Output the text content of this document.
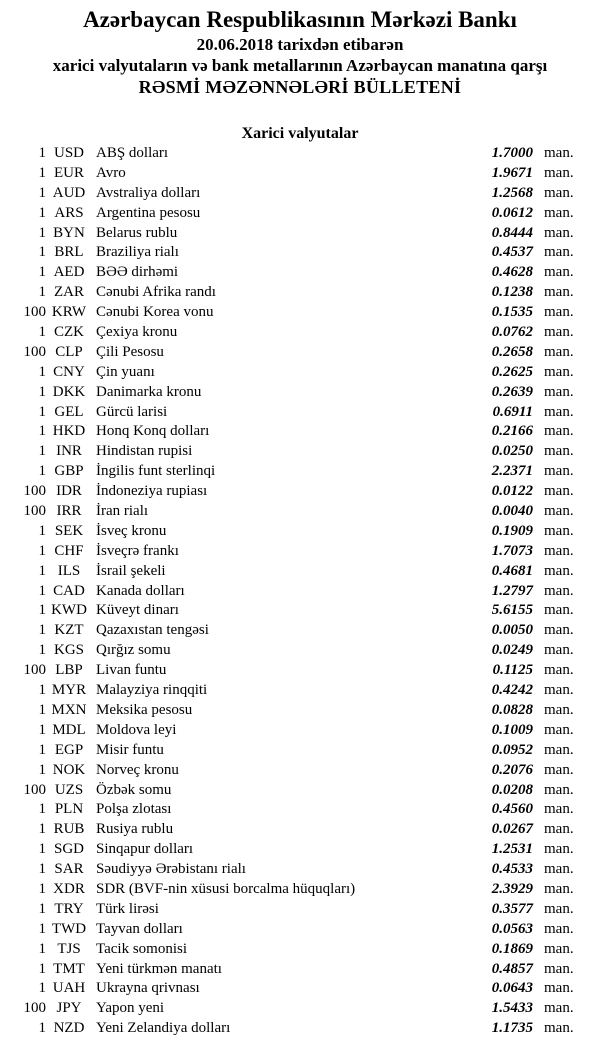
Azərbaycan Respublikasının Mərkəzi Bankı
20.06.2018 tarixdən etibarən
xarici valyutaların və bank metallarının Azərbaycan manatına qarşı
RƏSMİ MƏZƏNNƏLƏRİ BÜLLETENİ
Xarici valyutalar
1 USD ABŞ dolları	1.7000 man.
1 EUR Avro	1.9671 man.
1 AUD Avstraliya dolları	1.2568 man.
1 ARS Argentina pesosu	0.0612 man.
1 BYN Belarus rublu	0.8444 man.
1 BRL Braziliya rialı	0.4537 man.
1 AED BƏƏ dirhəmi	0.4628 man.
1 ZAR Cənubi Afrika randı	0.1238 man.
100 KRW Cənubi Korea vonu	0.1535 man.
1 CZK Çexiya kronu	0.0762 man.
100 CLP Çili Pesosu	0.2658 man.
1 CNY Çin yuanı	0.2625 man.
1 DKK Danimarka kronu	0.2639 man.
1 GEL Gürcü larisi	0.6911 man.
1 HKD Honq Konq dolları	0.2166 man.
1 INR Hindistan rupisi	0.0250 man.
1 GBP İngilis funt sterlinqi	2.2371 man.
100 IDR İndoneziya rupiası	0.0122 man.
100 IRR İran rialı	0.0040 man.
1 SEK İsveç kronu	0.1909 man.
1 CHF İsveçrə frankı	1.7073 man.
1 ILS	İsrail şekeli	0.4681 man.
1 CAD Kanada dolları	1.2797 man.
1 KWD Küveyt dinarı	5.6155 man.
1 KZT Qazaxıstan tengəsi	0.0050 man.
1 KGS Qırğız somu	0.0249 man.
100 LBP Livan funtu	0.1125 man.
1 MYR Malayziya rinqqiti	0.4242 man.
1 MXN Meksika pesosu	0.0828 man.
1 MDL Moldova leyi	0.1009 man.
1 EGP Misir funtu	0.0952 man.
1 NOK Norveç kronu	0.2076 man.
100 UZS Özbək somu	0.0208 man.
1 PLN Polşa zlotası	0.4560 man.
1 RUB Rusiya rublu	0.0267 man.
1 SGD Sinqapur dolları	1.2531 man.
1 SAR Səudiyyə Ərəbistanı rialı	0.4533 man.
1 XDR SDR (BVF-nin xüsusi borcalma hüquqları)	2.3929 man.
1 TRY Türk lirəsi	0.3577 man.
1 TWD Tayvan dolları	0.0563 man.
1 TJS	Tacik somonisi	0.1869 man.
1 TMT Yeni türkmən manatı	0.4857 man.
1 UAH Ukrayna qrivnası	0.0643 man.
100 JPY Yapon yeni	1.5433 man.
1 NZD Yeni Zelandiya dolları	1.1735 man.
